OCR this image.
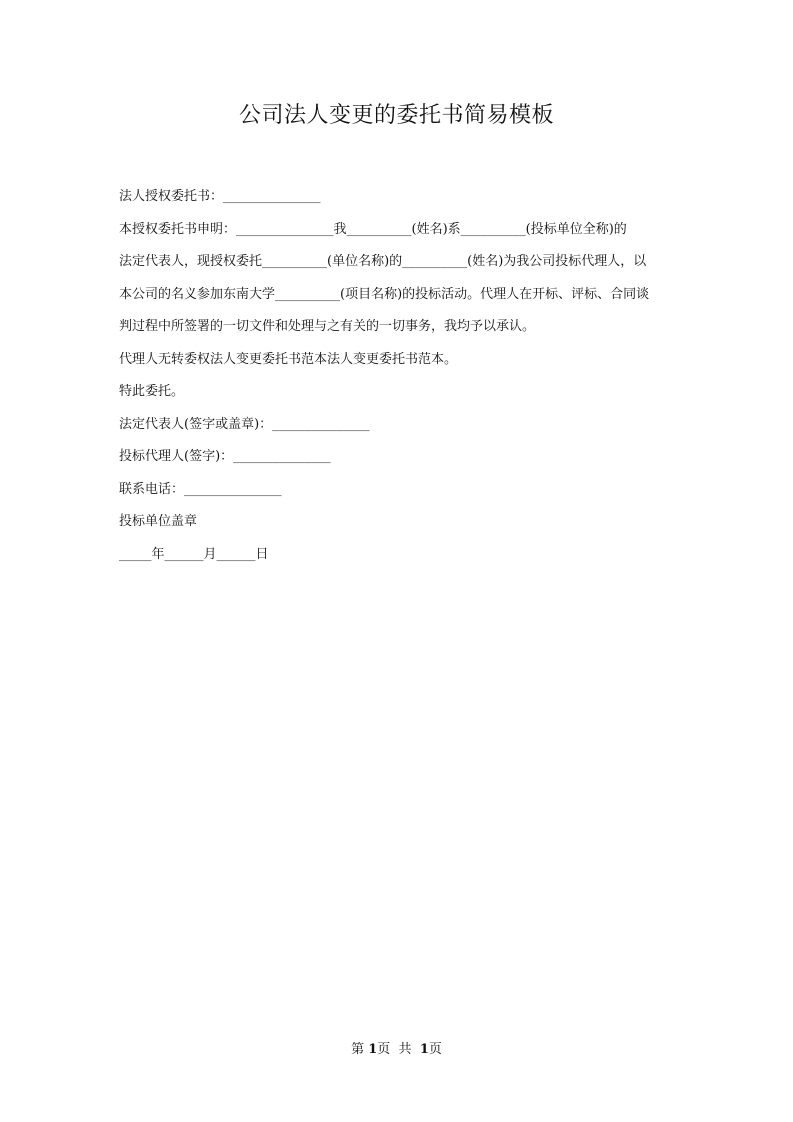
公司法人变更的委托书简易模板
法人授权委托书：_______________
本授权委托书申明：_______________我__________(姓名)系__________(投标单位全称)的
法定代表人，现授权委托__________(单位名称)的__________(姓名)为我公司投标代理人，以
本公司的名义参加东南大学__________(项目名称)的投标活动。代理人在开标、评标、合同谈
判过程中所签署的一切文件和处理与之有关的一切事务，我均予以承认。
代理人无转委权法人变更委托书范本法人变更委托书范本。
特此委托。
法定代表人(签字或盖章)：_______________
投标代理人(签字)：_______________
联系电话：_______________
投标单位盖章
_____年______月______日
第 1页  共  1页
